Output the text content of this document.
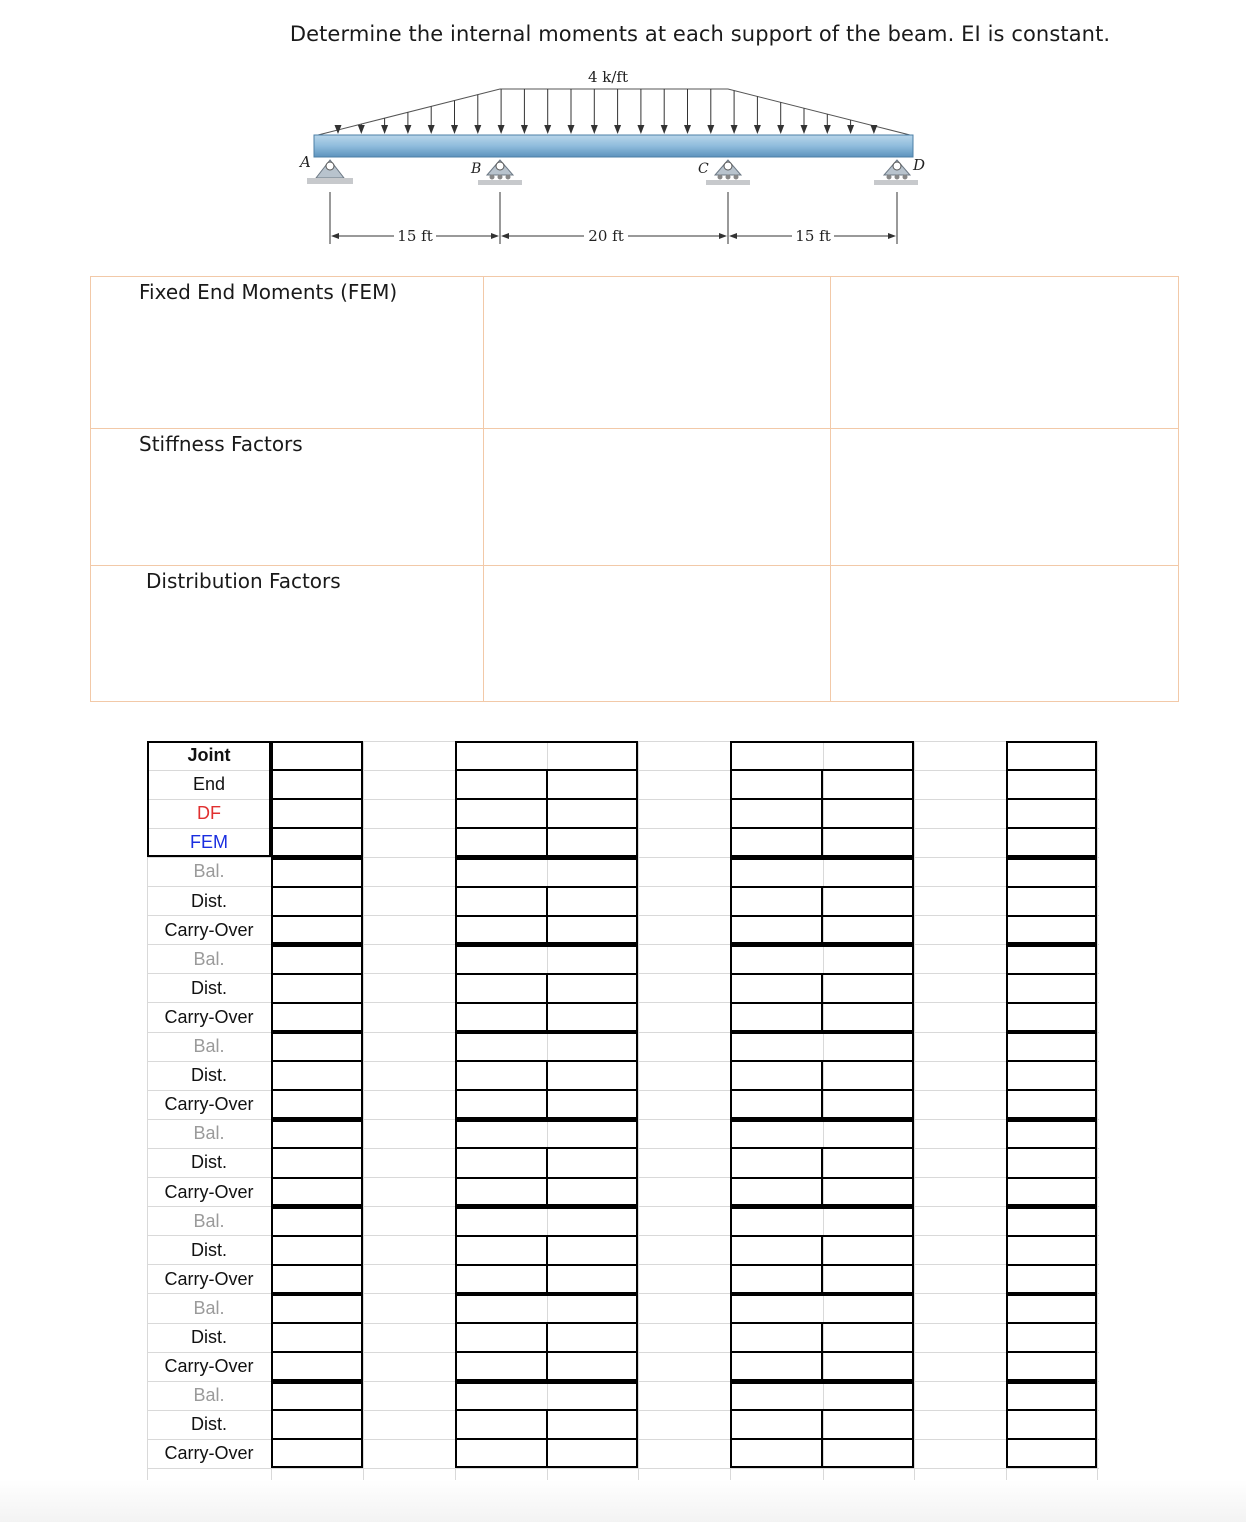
Determine the internal moments at each support of the beam. EI is constant.
4 k/ft
A	B	C	D
15 ft	20 ft	15 ft
Fixed End Moments (FEM)
Stiffness Factors
Distribution Factors
Joint
End
DF
FEM
Bal.
Dist.
Carry-Over
Bal.
Dist.
Carry-Over
Bal.
Dist.
Carry-Over
Bal.
Dist.
Carry-Over
Bal.
Dist.
Carry-Over
Bal.
Dist.
Carry-Over
Bal.
Dist.
Carry-Over
